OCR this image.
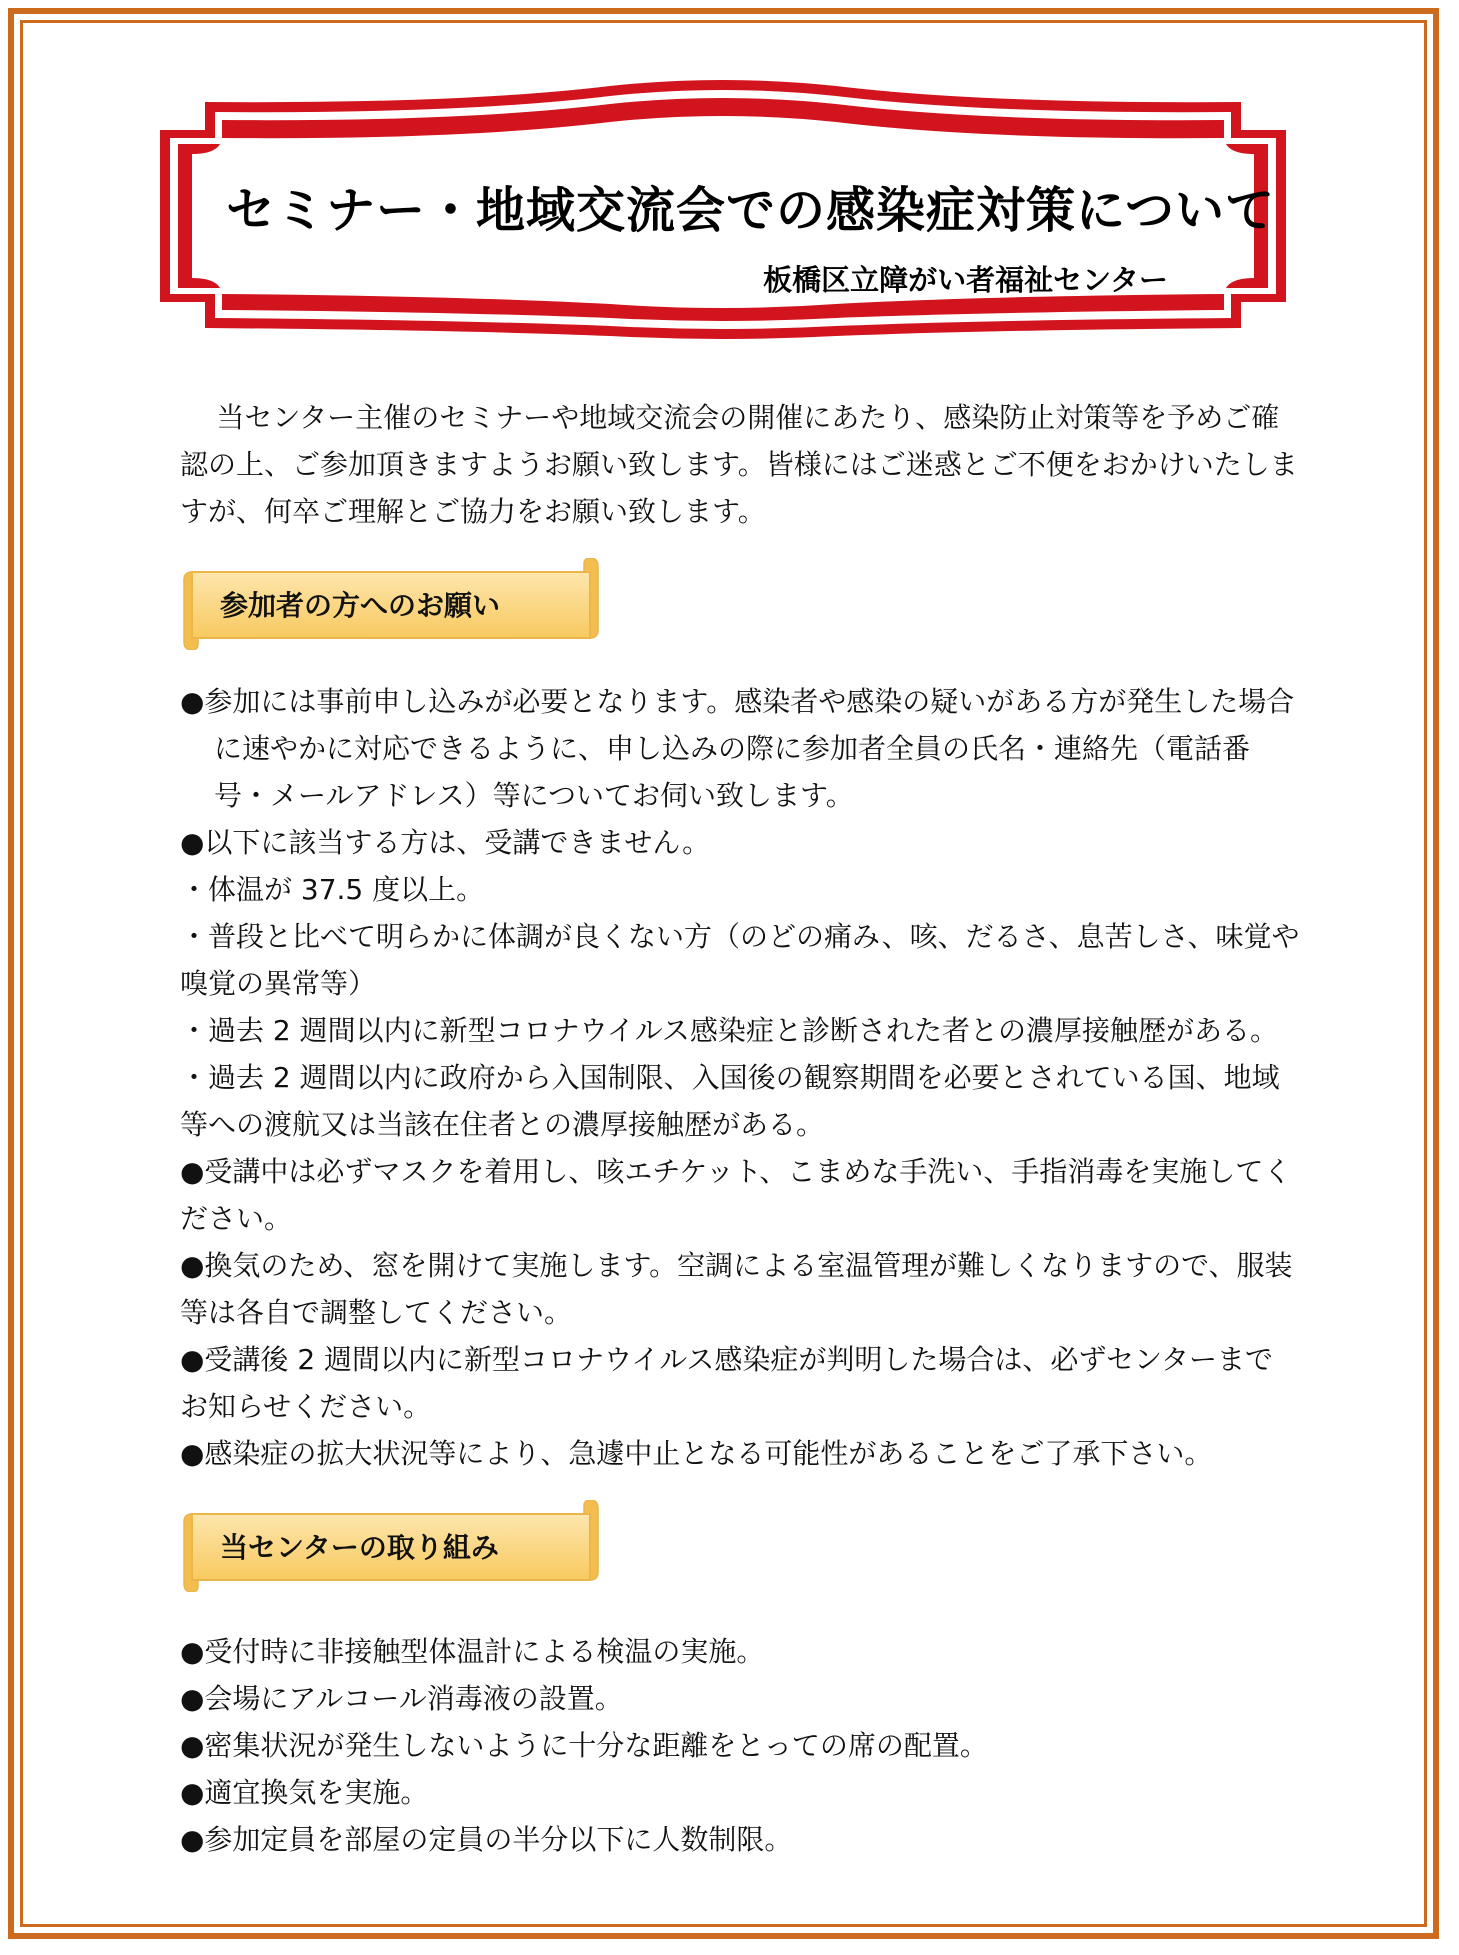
セミナー・地域交流会での感染症対策について
板橋区立障がい者福祉センター

当センター主催のセミナーや地域交流会の開催にあたり、感染防止対策等を予めご確認の上、ご参加頂きますようお願い致します。皆様にはご迷惑とご不便をおかけいたしますが、何卒ご理解とご協力をお願い致します。

参加者の方へのお願い
●参加には事前申し込みが必要となります。感染者や感染の疑いがある方が発生した場合に速やかに対応できるように、申し込みの際に参加者全員の氏名・連絡先（電話番号・メールアドレス）等についてお伺い致します。
●以下に該当する方は、受講できません。
・体温が 37.5 度以上。
・普段と比べて明らかに体調が良くない方（のどの痛み、咳、だるさ、息苦しさ、味覚や嗅覚の異常等）
・過去 2 週間以内に新型コロナウイルス感染症と診断された者との濃厚接触歴がある。
・過去 2 週間以内に政府から入国制限、入国後の観察期間を必要とされている国、地域等への渡航又は当該在住者との濃厚接触歴がある。
●受講中は必ずマスクを着用し、咳エチケット、こまめな手洗い、手指消毒を実施してください。
●換気のため、窓を開けて実施します。空調による室温管理が難しくなりますので、服装等は各自で調整してください。
●受講後 2 週間以内に新型コロナウイルス感染症が判明した場合は、必ずセンターまでお知らせください。
●感染症の拡大状況等により、急遽中止となる可能性があることをご了承下さい。
当センターの取り組み
●受付時に非接触型体温計による検温の実施。
●会場にアルコール消毒液の設置。
●密集状況が発生しないように十分な距離をとっての席の配置。
●適宜換気を実施。
●参加定員を部屋の定員の半分以下に人数制限。
